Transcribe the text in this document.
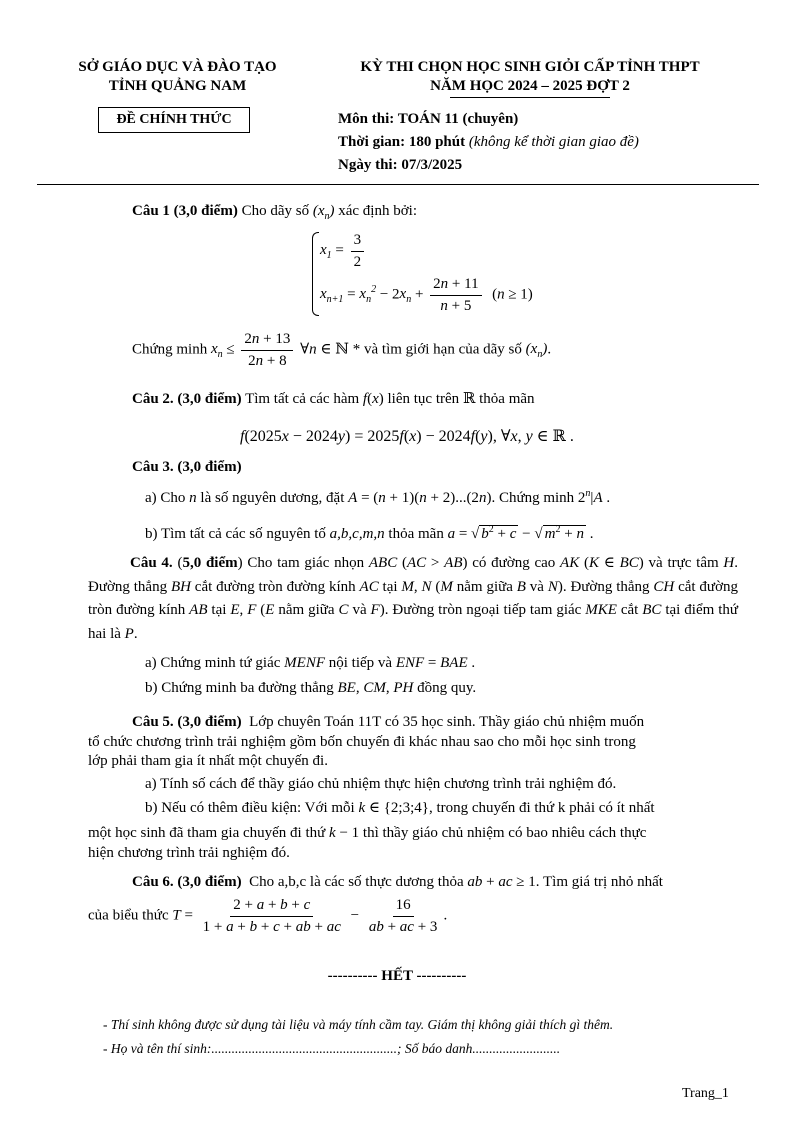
SỞ GIÁO DỤC VÀ ĐÀO TẠO
TỈNH QUẢNG NAM
ĐỀ CHÍNH THỨC
KỲ THI CHỌN HỌC SINH GIỎI CẤP TỈNH THPT
NĂM HỌC 2024 – 2025 ĐỢT 2
Môn thi: TOÁN 11 (chuyên)
Thời gian: 180 phút (không kể thời gian giao đề)
Ngày thi: 07/3/2025
Câu 1 (3,0 điểm) Cho dãy số $(x_n)$ xác định bởi:
$x_1 = \frac{3}{2}$
$x_{n+1} = x_n^2 - 2x_n + \frac{2n + 11}{n + 5} (n \ge 1)$
Chứng minh $x_n \le \frac{2n + 13}{2n + 8}$ ∀n ∈ ℕ * và tìm giới hạn của dãy số $(x_n)$.
Câu 2. (3,0 điểm) Tìm tất cả các hàm f(x) liên tục trên ℝ thỏa mãn
f(2025x − 2024y) = 2025f(x) − 2024f(y), ∀x, y ∈ ℝ .
Câu 3. (3,0 điểm)
a) Cho n là số nguyên dương, đặt A = (n + 1)(n + 2)...(2n). Chứng minh 2$^n$|A .
b) Tìm tất cả các số nguyên tố a,b,c,m,n thỏa mãn a = √ $b^2 + c$ − √ $m^2 + n$ .
Câu 4. (5,0 điểm) Cho tam giác nhọn ABC (AC > AB) có đường cao AK (K ∈ BC) và trực tâm H. Đường thẳng BH cắt đường tròn đường kính AC tại M, N (M nằm giữa B và N). Đường thẳng CH cắt đường tròn đường kính AB tại E, F (E nằm giữa C và F). Đường tròn ngoại tiếp tam giác MKE cắt BC tại điểm thứ hai là P.
a) Chứng minh tứ giác MENF nội tiếp và ENF = BAE .
b) Chứng minh ba đường thẳng BE, CM, PH đồng quy.
Câu 5. (3,0 điểm) Lớp chuyên Toán 11T có 35 học sinh. Thầy giáo chủ nhiệm muốn
tổ chức chương trình trải nghiệm gồm bốn chuyến đi khác nhau sao cho mỗi học sinh trong
lớp phải tham gia ít nhất một chuyến đi.
a) Tính số cách để thầy giáo chủ nhiệm thực hiện chương trình trải nghiệm đó.
b) Nếu có thêm điều kiện: Với mỗi k ∈ {2;3;4}, trong chuyến đi thứ k phải có ít nhất
một học sinh đã tham gia chuyến đi thứ k − 1 thì thầy giáo chủ nhiệm có bao nhiêu cách thực
hiện chương trình trải nghiệm đó.
Câu 6. (3,0 điểm) Cho a,b,c là các số thực dương thỏa ab + ac ≥ 1. Tìm giá trị nhỏ nhất
của biểu thức $T = \frac{2 + a + b + c}{1 + a + b + c + ab + ac} - \frac{16}{ab + ac + 3}$ .
---------- HẾT ----------
- Thí sinh không được sử dụng tài liệu và máy tính cầm tay. Giám thị không giải thích gì thêm.
- Họ và tên thí sinh:.......................................................; Số báo danh..........................
Trang_1
